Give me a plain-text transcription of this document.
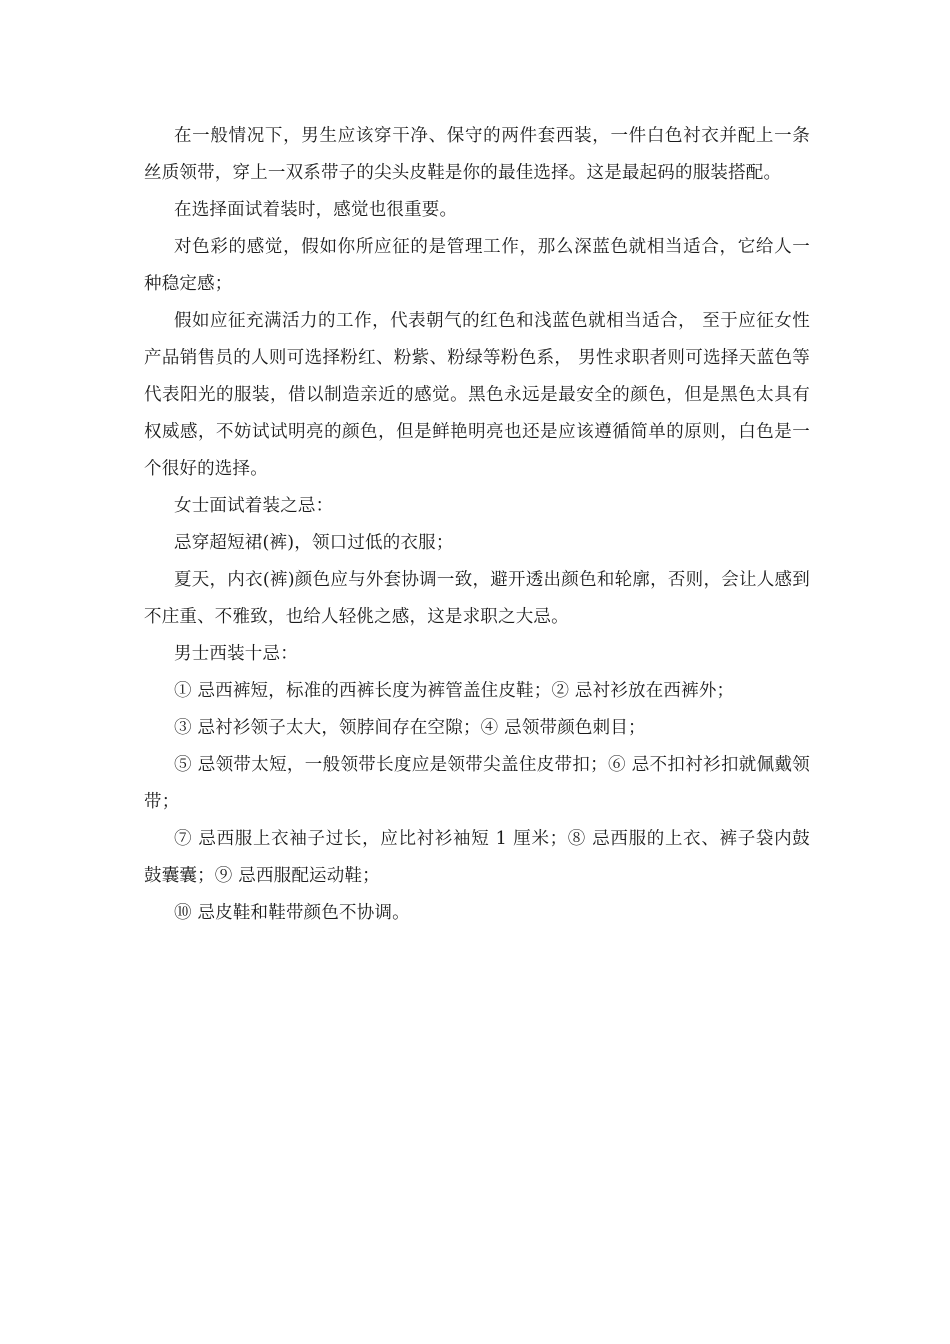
在一般情况下，男生应该穿干净、保守的两件套西装，一件白色衬衣并配上一条丝质领带，穿上一双系带子的尖头皮鞋是你的最佳选择。这是最起码的服装搭配。

在选择面试着装时，感觉也很重要。

对色彩的感觉，假如你所应征的是管理工作，那么深蓝色就相当适合，它给人一种稳定感；

假如应征充满活力的工作，代表朝气的红色和浅蓝色就相当适合， 至于应征女性产品销售员的人则可选择粉红、粉紫、粉绿等粉色系， 男性求职者则可选择天蓝色等代表阳光的服装，借以制造亲近的感觉。黑色永远是最安全的颜色，但是黑色太具有权威感，不妨试试明亮的颜色，但是鲜艳明亮也还是应该遵循简单的原则，白色是一个很好的选择。

女士面试着装之忌：

忌穿超短裙(裤)，领口过低的衣服；

夏天，内衣(裤)颜色应与外套协调一致，避开透出颜色和轮廓，否则，会让人感到不庄重、不雅致，也给人轻佻之感，这是求职之大忌。

男士西装十忌：

① 忌西裤短，标准的西裤长度为裤管盖住皮鞋；② 忌衬衫放在西裤外；

③ 忌衬衫领子太大，领脖间存在空隙；④ 忌领带颜色刺目；

⑤ 忌领带太短，一般领带长度应是领带尖盖住皮带扣；⑥ 忌不扣衬衫扣就佩戴领带；

⑦ 忌西服上衣袖子过长，应比衬衫袖短 1 厘米；⑧ 忌西服的上衣、裤子袋内鼓鼓囊囊；⑨ 忌西服配运动鞋；

⑩ 忌皮鞋和鞋带颜色不协调。
